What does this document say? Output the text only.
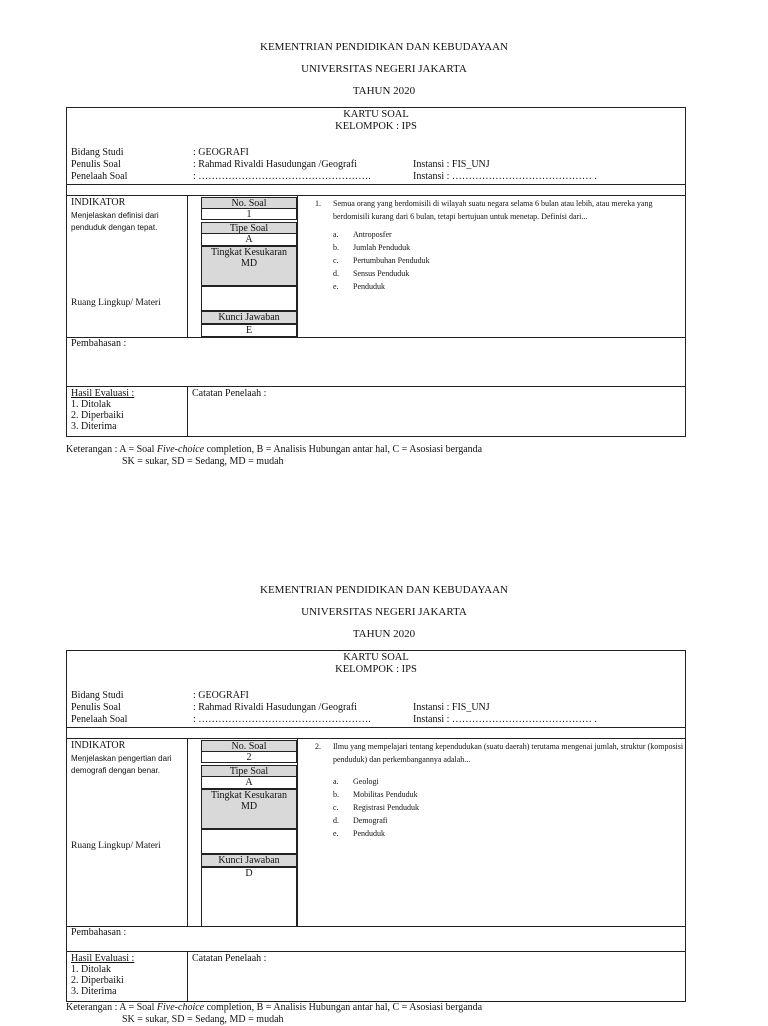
KEMENTRIAN PENDIDIKAN DAN KEBUDAYAAN
UNIVERSITAS NEGERI JAKARTA
TAHUN 2020
KARTU SOAL
KELOMPOK : IPS
Bidang Studi	: GEOGRAFI
Penulis Soal	: Rahmad Rivaldi Hasudungan /Geografi	Instansi : FIS_UNJ
Penelaah Soal	: …………………………………………….	Instansi : …………………………………… .
INDIKATOR
Menjelaskan definisi dari penduduk dengan tepat.
Ruang Lingkup/ Materi
No. Soal
1
Tipe Soal
A
Tingkat Kesukaran
MD
Kunci Jawaban
E
1. Semua orang yang berdomisili di wilayah suatu negara selama 6 bulan atau lebih, atau mereka yang berdomisili kurang dari 6 bulan, tetapi bertujuan untuk menetap. Definisi dari...
a. Antroposfer
b. Jumlah Penduduk
c. Pertumbuhan Penduduk
d. Sensus Penduduk
e. Penduduk
Pembahasan :
Hasil Evaluasi :
1. Ditolak
2. Diperbaiki
3. Diterima
Catatan Penelaah :
Keterangan : A = Soal Five-choice completion, B = Analisis Hubungan antar hal, C = Asosiasi berganda
SK = sukar, SD = Sedang, MD = mudah
KEMENTRIAN PENDIDIKAN DAN KEBUDAYAAN
UNIVERSITAS NEGERI JAKARTA
TAHUN 2020
KARTU SOAL
KELOMPOK : IPS
Bidang Studi	: GEOGRAFI
Penulis Soal	: Rahmad Rivaldi Hasudungan /Geografi	Instansi : FIS_UNJ
Penelaah Soal	: …………………………………………….	Instansi : …………………………………… .
INDIKATOR
Menjelaskan pengertian dari demografi dengan benar.
Ruang Lingkup/ Materi
No. Soal
2
Tipe Soal
A
Tingkat Kesukaran
MD
Kunci Jawaban
D
2. Ilmu yang mempelajari tentang kependudukan (suatu daerah) terutama mengenai jumlah, struktur (komposisi penduduk) dan perkembangannya adalah...
a. Geologi
b. Mobilitas Penduduk
c. Registrasi Penduduk
d. Demografi
e. Penduduk
Pembahasan :
Hasil Evaluasi :
1. Ditolak
2. Diperbaiki
3. Diterima
Catatan Penelaah :
Keterangan : A = Soal Five-choice completion, B = Analisis Hubungan antar hal, C = Asosiasi berganda
SK = sukar, SD = Sedang, MD = mudah
